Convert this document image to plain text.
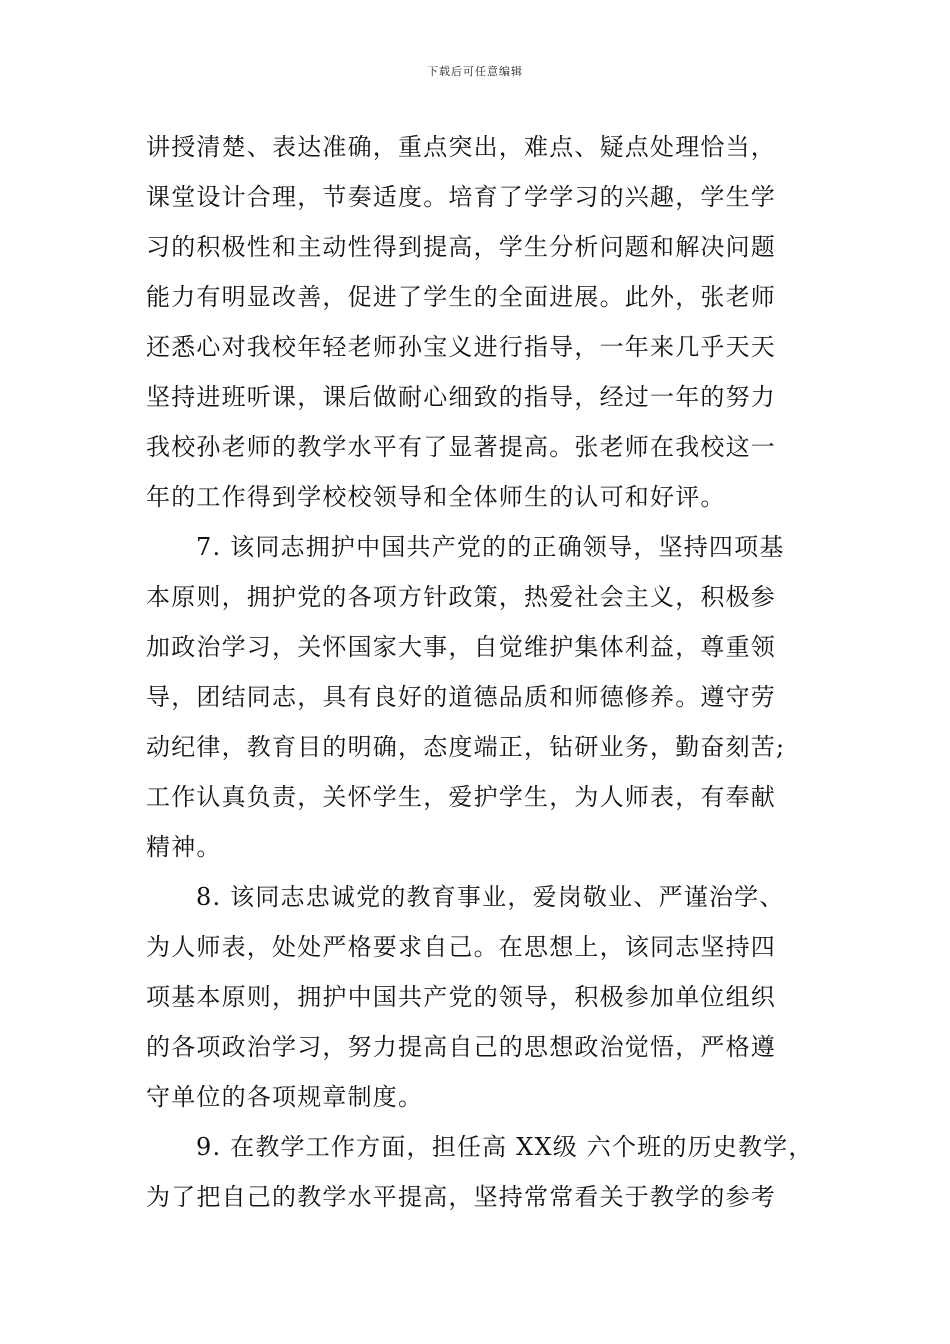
下载后可任意编辑
讲授清楚、表达准确，重点突出，难点、疑点处理恰当，
课堂设计合理，节奏适度。培育了学学习的兴趣，学生学
习的积极性和主动性得到提高，学生分析问题和解决问题
能力有明显改善，促进了学生的全面进展。此外，张老师
还悉心对我校年轻老师孙宝义进行指导，一年来几乎天天
坚持进班听课，课后做耐心细致的指导，经过一年的努力
我校孙老师的教学水平有了显著提高。张老师在我校这一
年的工作得到学校校领导和全体师生的认可和好评。
7. 该同志拥护中国共产党的的正确领导，坚持四项基
本原则，拥护党的各项方针政策，热爱社会主义，积极参
加政治学习，关怀国家大事，自觉维护集体利益，尊重领
导，团结同志，具有良好的道德品质和师德修养。遵守劳
动纪律，教育目的明确，态度端正，钻研业务，勤奋刻苦;
工作认真负责，关怀学生，爱护学生，为人师表，有奉献
精神。
8. 该同志忠诚党的教育事业，爱岗敬业、严谨治学、
为人师表，处处严格要求自己。在思想上，该同志坚持四
项基本原则，拥护中国共产党的领导，积极参加单位组织
的各项政治学习，努力提高自己的思想政治觉悟，严格遵
守单位的各项规章制度。
9. 在教学工作方面，担任高 XX级 六个班的历史教学，
为了把自己的教学水平提高，坚持常常看关于教学的参考
